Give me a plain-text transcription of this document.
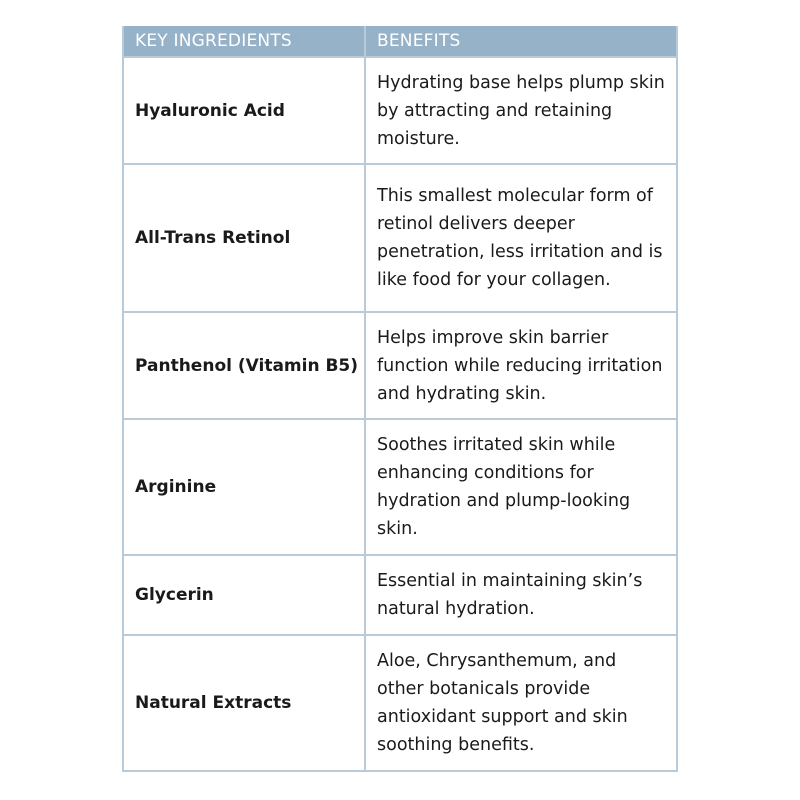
KEY INGREDIENTS	BENEFITS
Hyaluronic Acid	Hydrating base helps plump skin by attracting and retaining moisture.
All-Trans Retinol	This smallest molecular form of retinol delivers deeper penetration, less irritation and is like food for your collagen.
Panthenol (Vitamin B5)	Helps improve skin barrier function while reducing irritation and hydrating skin.
Arginine	Soothes irritated skin while enhancing conditions for hydration and plump-looking skin.
Glycerin	Essential in maintaining skin’s natural hydration.
Natural Extracts	Aloe, Chrysanthemum, and other botanicals provide antioxidant support and skin soothing benefits.
